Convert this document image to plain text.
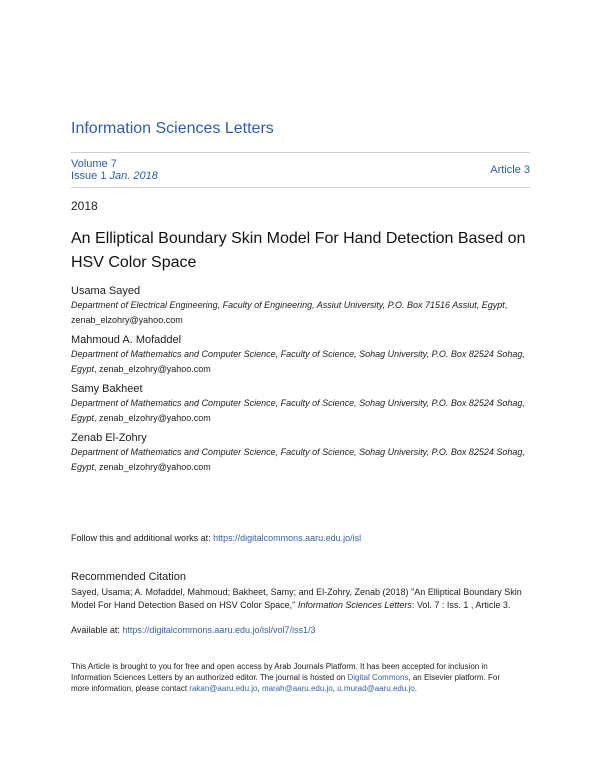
Information Sciences Letters
Volume 7
Issue 1 Jan. 2018	Article 3
2018
An Elliptical Boundary Skin Model For Hand Detection Based on HSV Color Space
Usama Sayed
Department of Electrical Engineering, Faculty of Engineering, Assiut University, P.O. Box 71516 Assiut, Egypt, zenab_elzohry@yahoo.com
Mahmoud A. Mofaddel
Department of Mathematics and Computer Science, Faculty of Science, Sohag University, P.O. Box 82524 Sohag, Egypt, zenab_elzohry@yahoo.com
Samy Bakheet
Department of Mathematics and Computer Science, Faculty of Science, Sohag University, P.O. Box 82524 Sohag, Egypt, zenab_elzohry@yahoo.com
Zenab El-Zohry
Department of Mathematics and Computer Science, Faculty of Science, Sohag University, P.O. Box 82524 Sohag, Egypt, zenab_elzohry@yahoo.com
Follow this and additional works at: https://digitalcommons.aaru.edu.jo/isl
Recommended Citation
Sayed, Usama; A. Mofaddel, Mahmoud; Bakheet, Samy; and El-Zohry, Zenab (2018) "An Elliptical Boundary Skin Model For Hand Detection Based on HSV Color Space," Information Sciences Letters: Vol. 7 : Iss. 1 , Article 3.
Available at: https://digitalcommons.aaru.edu.jo/isl/vol7/iss1/3
This Article is brought to you for free and open access by Arab Journals Platform. It has been accepted for inclusion in Information Sciences Letters by an authorized editor. The journal is hosted on Digital Commons, an Elsevier platform. For more information, please contact rakan@aaru.edu.jo, marah@aaru.edu.jo, u.murad@aaru.edu.jo.
